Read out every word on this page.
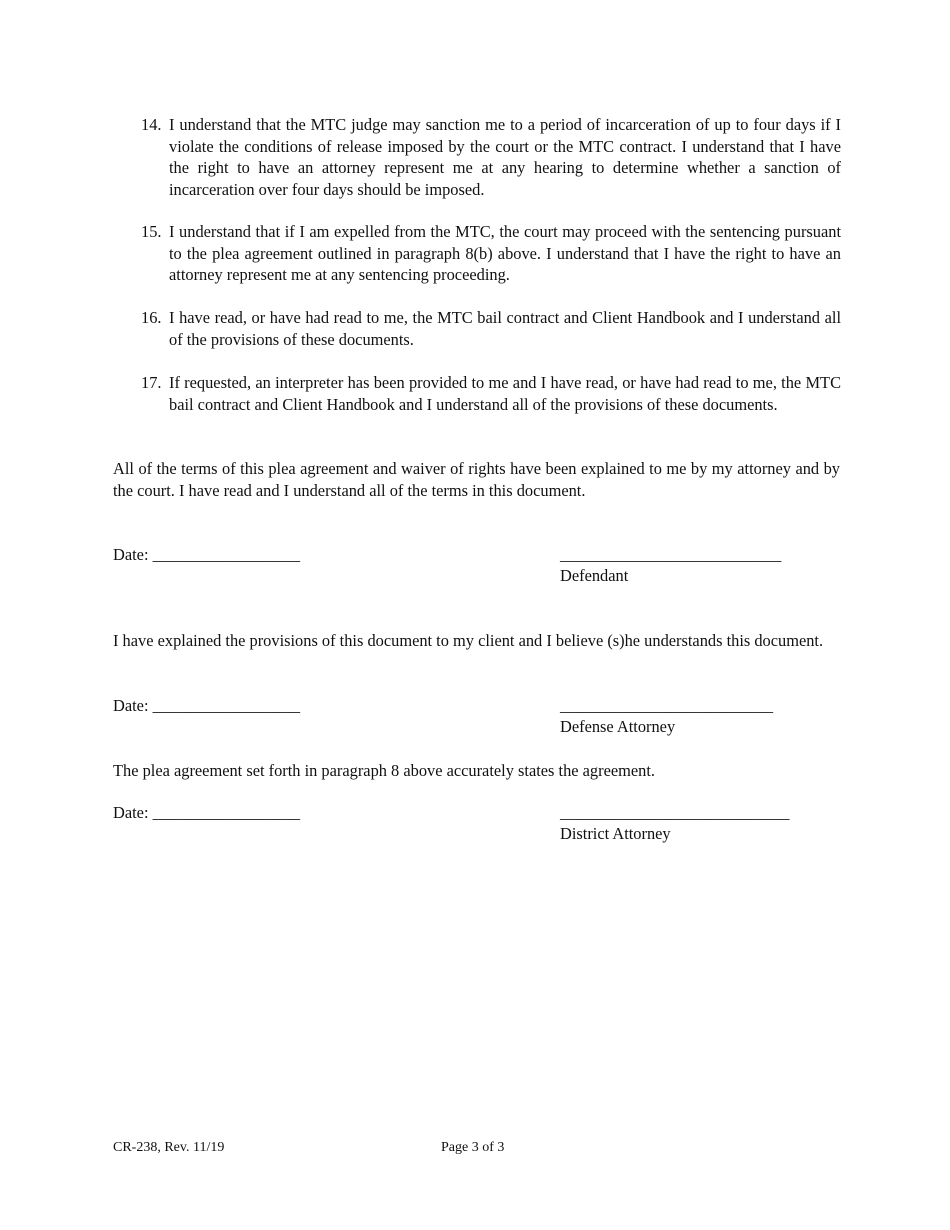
14. I understand that the MTC judge may sanction me to a period of incarceration of up to four days if I violate the conditions of release imposed by the court or the MTC contract. I understand that I have the right to have an attorney represent me at any hearing to determine whether a sanction of incarceration over four days should be imposed.
15. I understand that if I am expelled from the MTC, the court may proceed with the sentencing pursuant to the plea agreement outlined in paragraph 8(b) above. I understand that I have the right to have an attorney represent me at any sentencing proceeding.
16. I have read, or have had read to me, the MTC bail contract and Client Handbook and I understand all of the provisions of these documents.
17. If requested, an interpreter has been provided to me and I have read, or have had read to me, the MTC bail contract and Client Handbook and I understand all of the provisions of these documents.
All of the terms of this plea agreement and waiver of rights have been explained to me by my attorney and by the court. I have read and I understand all of the terms in this document.
Date: __________________	___________________________
Defendant
I have explained the provisions of this document to my client and I believe (s)he understands this document.
Date: __________________	__________________________
Defense Attorney
The plea agreement set forth in paragraph 8 above accurately states the agreement.
Date: __________________	____________________________
District Attorney
CR-238, Rev. 11/19	Page 3 of 3
